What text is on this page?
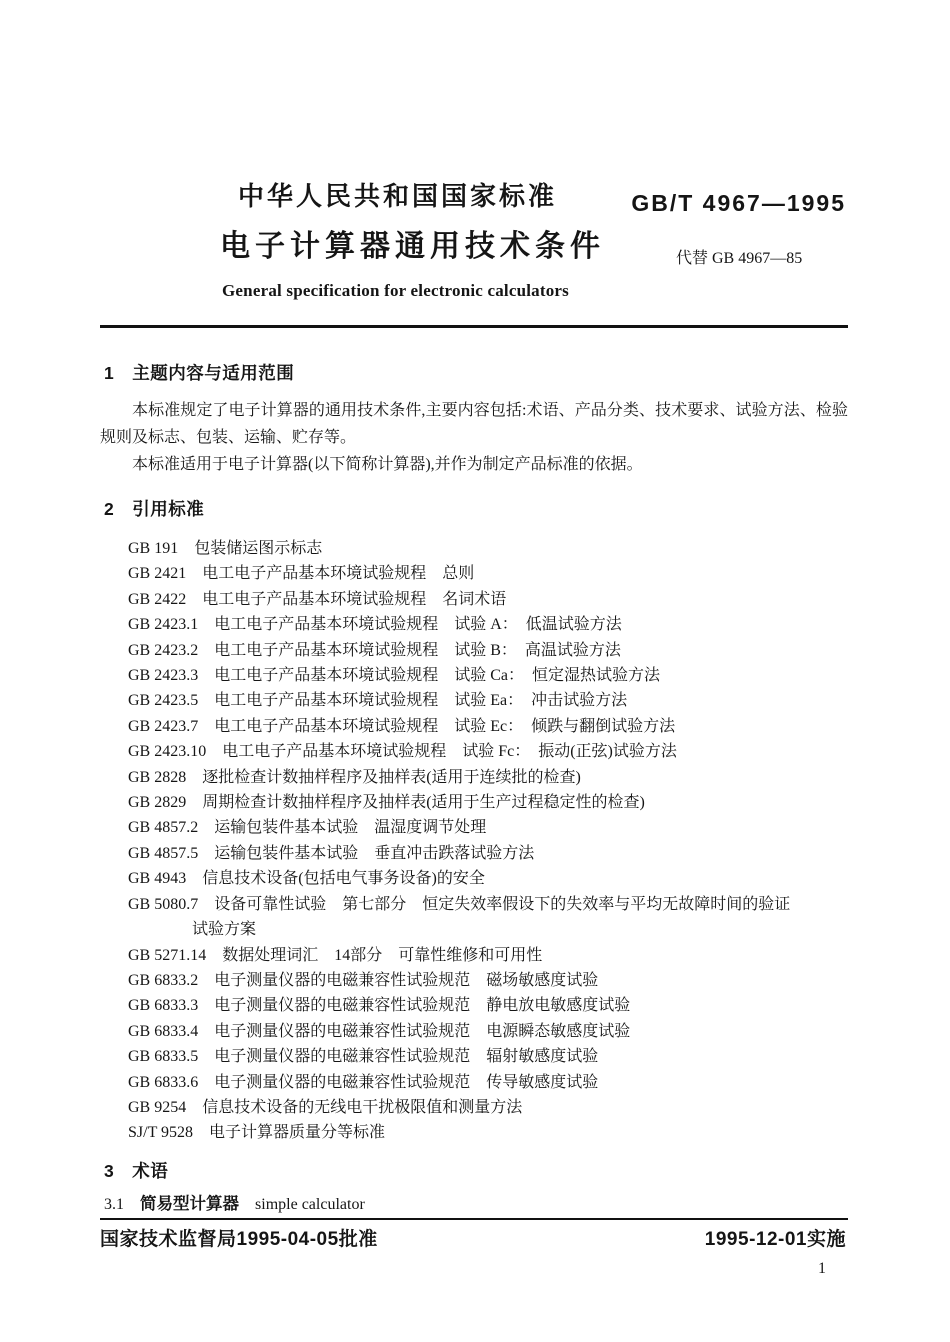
中华人民共和国国家标准	GB/T 4967—1995
电子计算器通用技术条件	代替 GB 4967—85
General specification for electronic calculators
1　主题内容与适用范围
本标准规定了电子计算器的通用技术条件,主要内容包括:术语、产品分类、技术要求、试验方法、检验规则及标志、包装、运输、贮存等。
本标准适用于电子计算器(以下简称计算器),并作为制定产品标准的依据。
2　引用标准
GB 191　包装储运图示标志
GB 2421　电工电子产品基本环境试验规程　总则
GB 2422　电工电子产品基本环境试验规程　名词术语
GB 2423.1　电工电子产品基本环境试验规程　试验 A：　低温试验方法
GB 2423.2　电工电子产品基本环境试验规程　试验 B：　高温试验方法
GB 2423.3　电工电子产品基本环境试验规程　试验 Ca：　恒定湿热试验方法
GB 2423.5　电工电子产品基本环境试验规程　试验 Ea：　冲击试验方法
GB 2423.7　电工电子产品基本环境试验规程　试验 Ec：　倾跌与翻倒试验方法
GB 2423.10　电工电子产品基本环境试验规程　试验 Fc：　振动(正弦)试验方法
GB 2828　逐批检查计数抽样程序及抽样表(适用于连续批的检查)
GB 2829　周期检查计数抽样程序及抽样表(适用于生产过程稳定性的检查)
GB 4857.2　运输包装件基本试验　温湿度调节处理
GB 4857.5　运输包装件基本试验　垂直冲击跌落试验方法
GB 4943　信息技术设备(包括电气事务设备)的安全
GB 5080.7　设备可靠性试验　第七部分　恒定失效率假设下的失效率与平均无故障时间的验证
试验方案
GB 5271.14　数据处理词汇　14部分　可靠性维修和可用性
GB 6833.2　电子测量仪器的电磁兼容性试验规范　磁场敏感度试验
GB 6833.3　电子测量仪器的电磁兼容性试验规范　静电放电敏感度试验
GB 6833.4　电子测量仪器的电磁兼容性试验规范　电源瞬态敏感度试验
GB 6833.5　电子测量仪器的电磁兼容性试验规范　辐射敏感度试验
GB 6833.6　电子测量仪器的电磁兼容性试验规范　传导敏感度试验
GB 9254　信息技术设备的无线电干扰极限值和测量方法
SJ/T 9528　电子计算器质量分等标准
3　术语
3.1　 简易型计算器　 simple calculator
国家技术监督局1995-04-05批准	1995-12-01实施
1
